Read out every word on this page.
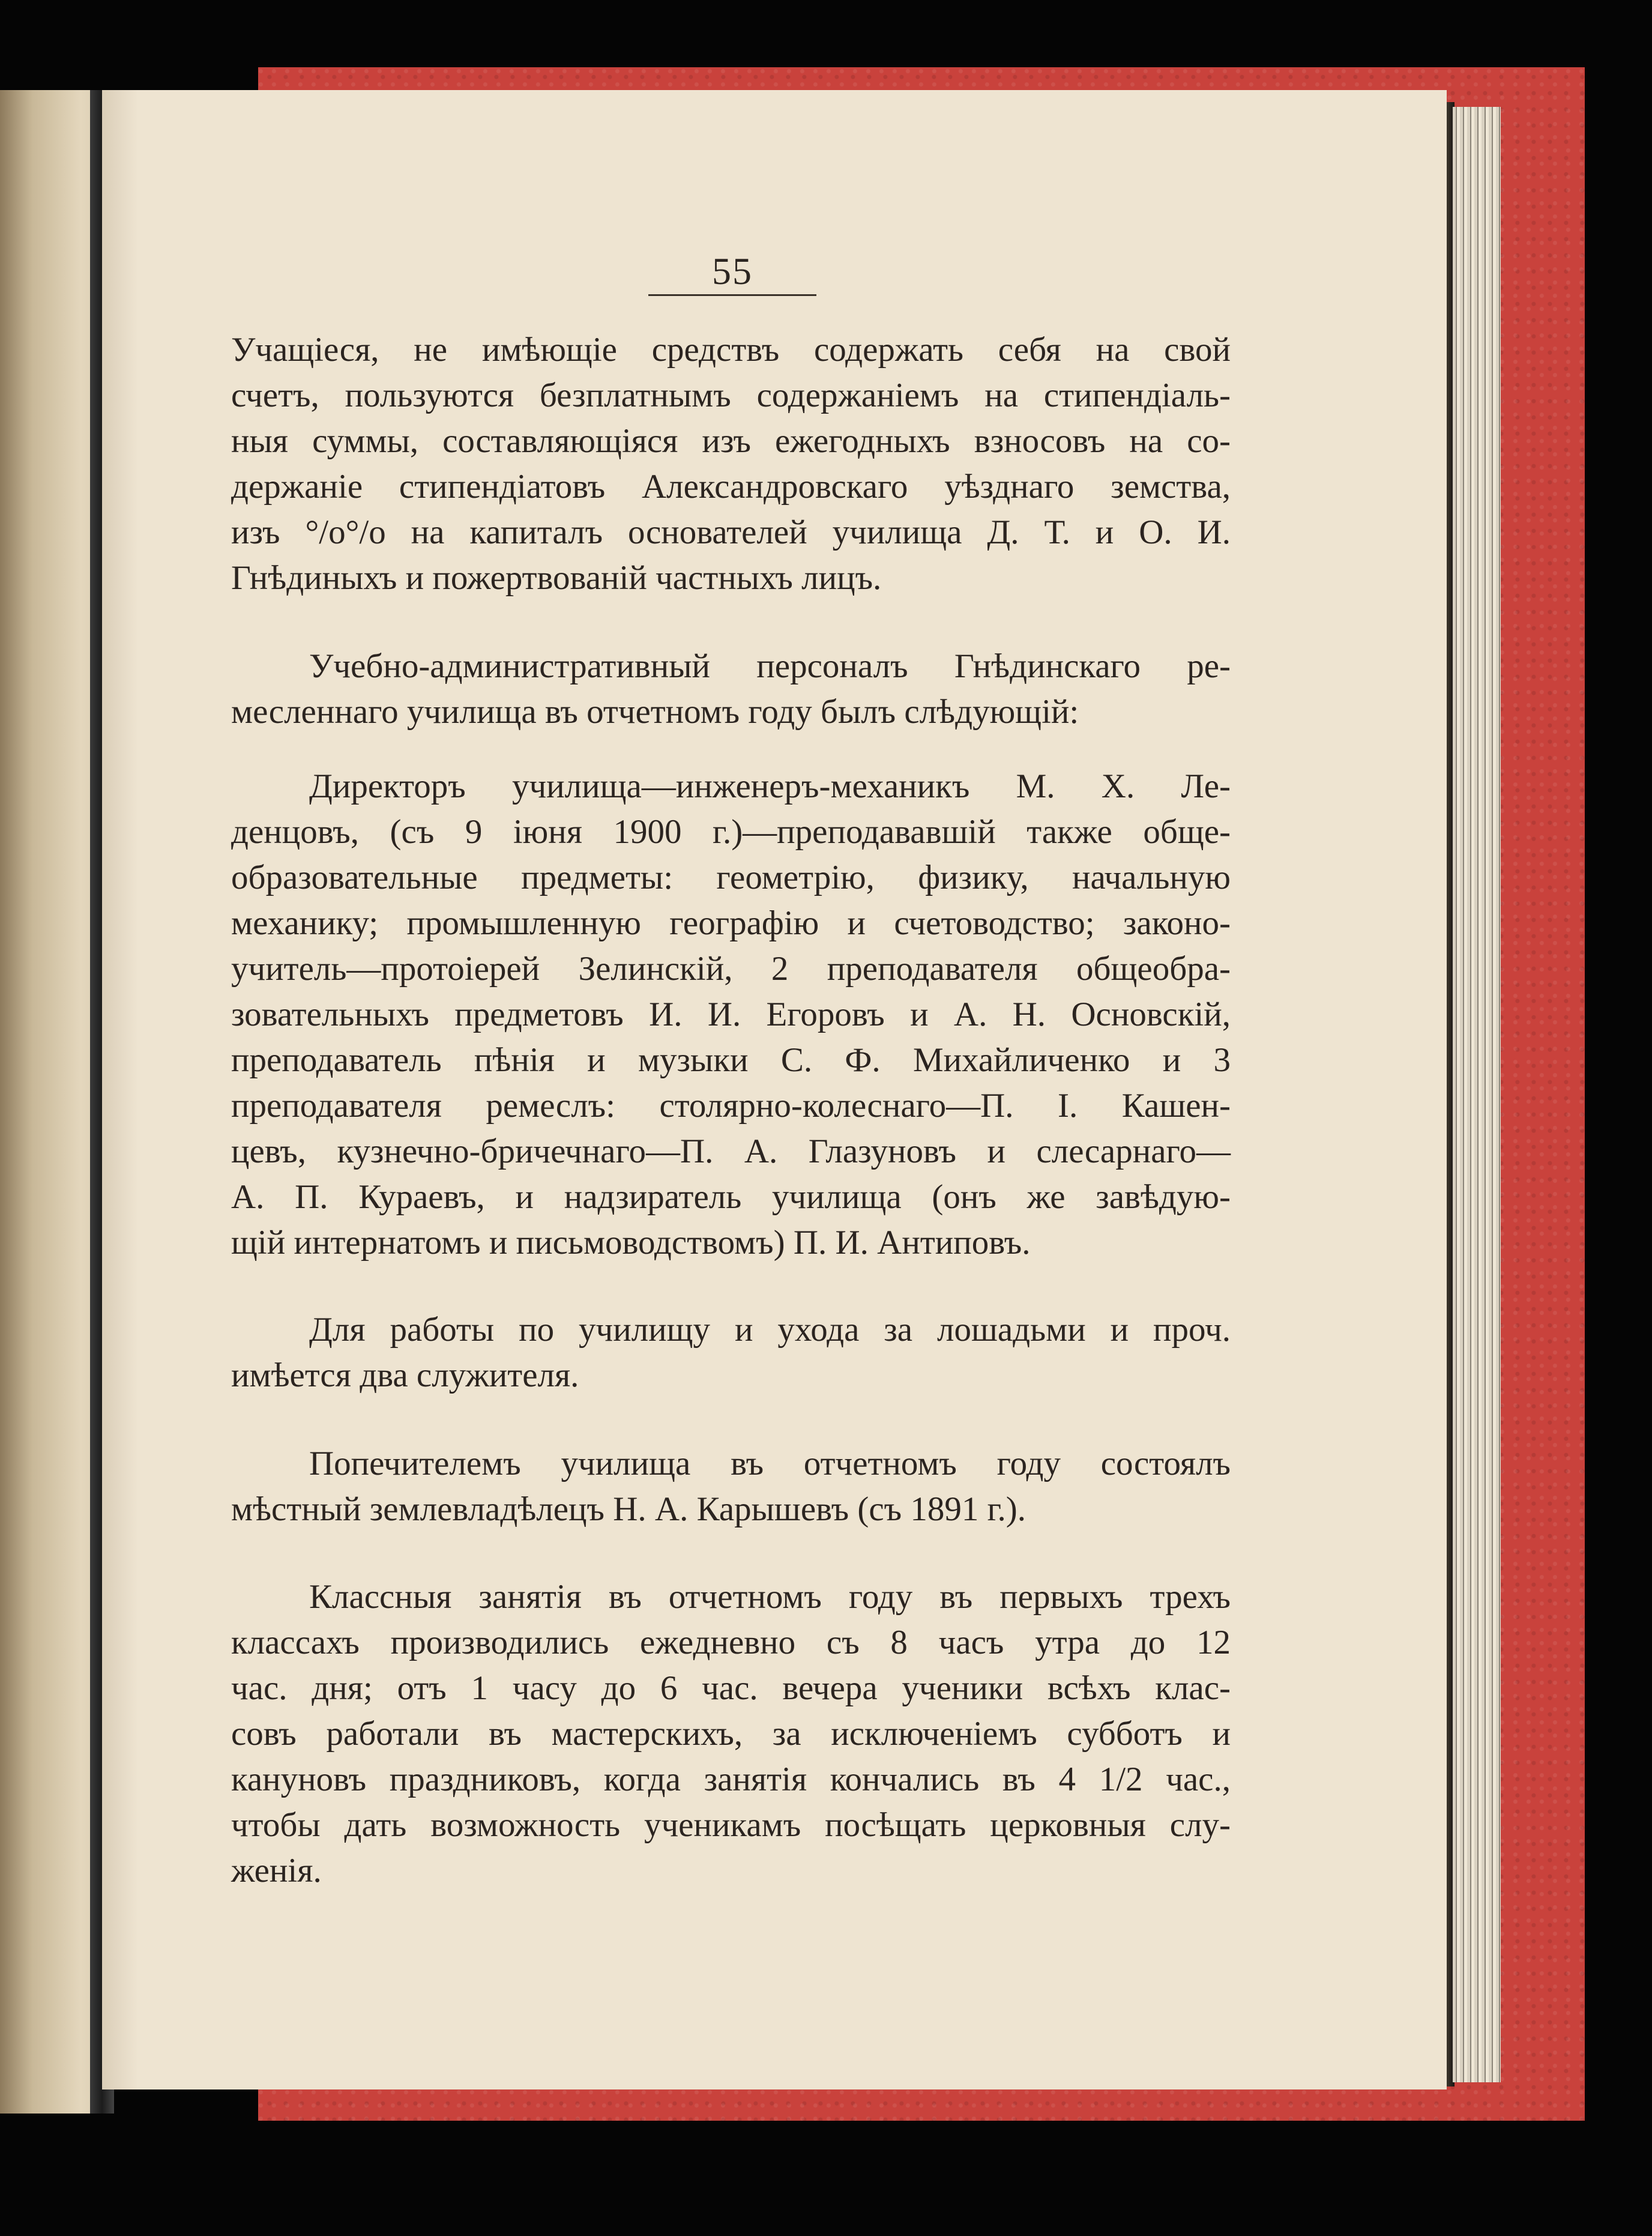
55
Учащіеся, не имѣющіе средствъ содержать себя на свой
счетъ, пользуются безплатнымъ содержаніемъ на стипендіаль-
ныя суммы, составляющіяся изъ ежегодныхъ взносовъ на со-
держаніе стипендіатовъ Александровскаго уѣзднаго земства,
изъ °/o°/o на капиталъ основателей училища Д. Т. и О. И.
Гнѣдиныхъ и пожертвованій частныхъ лицъ.
Учебно-административный персоналъ Гнѣдинскаго ре-
месленнаго училища въ отчетномъ году былъ слѣдующій:
Директоръ училища—инженеръ-механикъ М. Х. Ле-
денцовъ, (съ 9 іюня 1900 г.)—преподававшій также обще-
образовательные предметы: геометрію, физику, начальную
механику; промышленную географію и счетоводство; законо-
учитель—протоіерей Зелинскій, 2 преподавателя общеобра-
зовательныхъ предметовъ И. И. Егоровъ и А. Н. Основскій,
преподаватель пѣнія и музыки С. Ф. Михайличенко и 3
преподавателя ремеслъ: столярно-колеснаго—П. І. Кашен-
цевъ, кузнечно-бричечнаго—П. А. Глазуновъ и слесарнаго—
А. П. Кураевъ, и надзиратель училища (онъ же завѣдую-
щій интернатомъ и письмоводствомъ) П. И. Антиповъ.
Для работы по училищу и ухода за лошадьми и проч.
имѣется два служителя.
Попечителемъ училища въ отчетномъ году состоялъ
мѣстный землевладѣлецъ Н. А. Карышевъ (съ 1891 г.).
Классныя занятія въ отчетномъ году въ первыхъ трехъ
классахъ производились ежедневно съ 8 часъ утра до 12
час. дня; отъ 1 часу до 6 час. вечера ученики всѣхъ клас-
совъ работали въ мастерскихъ, за исключеніемъ субботъ и
кануновъ праздниковъ, когда занятія кончались въ 4 1/2 час.,
чтобы дать возможность ученикамъ посѣщать церковныя слу-
женія.
